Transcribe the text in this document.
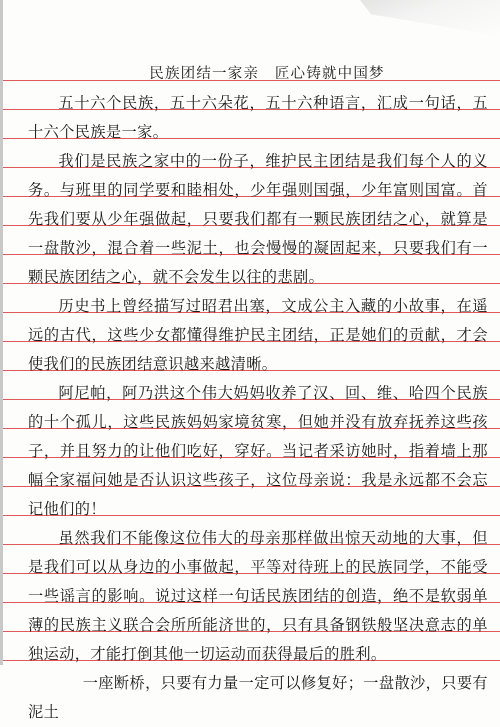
民族团结一家亲　匠心铸就中国梦
五十六个民族，五十六朵花，五十六种语言，汇成一句话，五十六个民族是一家。
我们是民族之家中的一份子，维护民主团结是我们每个人的义务。与班里的同学要和睦相处，少年强则国强，少年富则国富。首先我们要从少年强做起，只要我们都有一颗民族团结之心，就算是一盘散沙，混合着一些泥土，也会慢慢的凝固起来，只要我们有一颗民族团结之心，就不会发生以往的悲剧。
历史书上曾经描写过昭君出塞，文成公主入藏的小故事，在遥远的古代，这些少女都懂得维护民主团结，正是她们的贡献，才会使我们的民族团结意识越来越清晰。
阿尼帕，阿乃洪这个伟大妈妈收养了汉、回、维、哈四个民族的十个孤儿，这些民族妈妈家境贫寒，但她并没有放弃抚养这些孩子，并且努力的让他们吃好，穿好。当记者采访她时，指着墙上那幅全家福问她是否认识这些孩子，这位母亲说：我是永远都不会忘记他们的！
虽然我们不能像这位伟大的母亲那样做出惊天动地的大事，但是我们可以从身边的小事做起，平等对待班上的民族同学，不能受一些谣言的影响。说过这样一句话民族团结的创造，绝不是软弱单薄的民族主义联合会所所能济世的，只有具备钢铁般坚决意志的单独运动，才能打倒其他一切运动而获得最后的胜利。
一座断桥，只要有力量一定可以修复好；一盘散沙，只要有泥土
